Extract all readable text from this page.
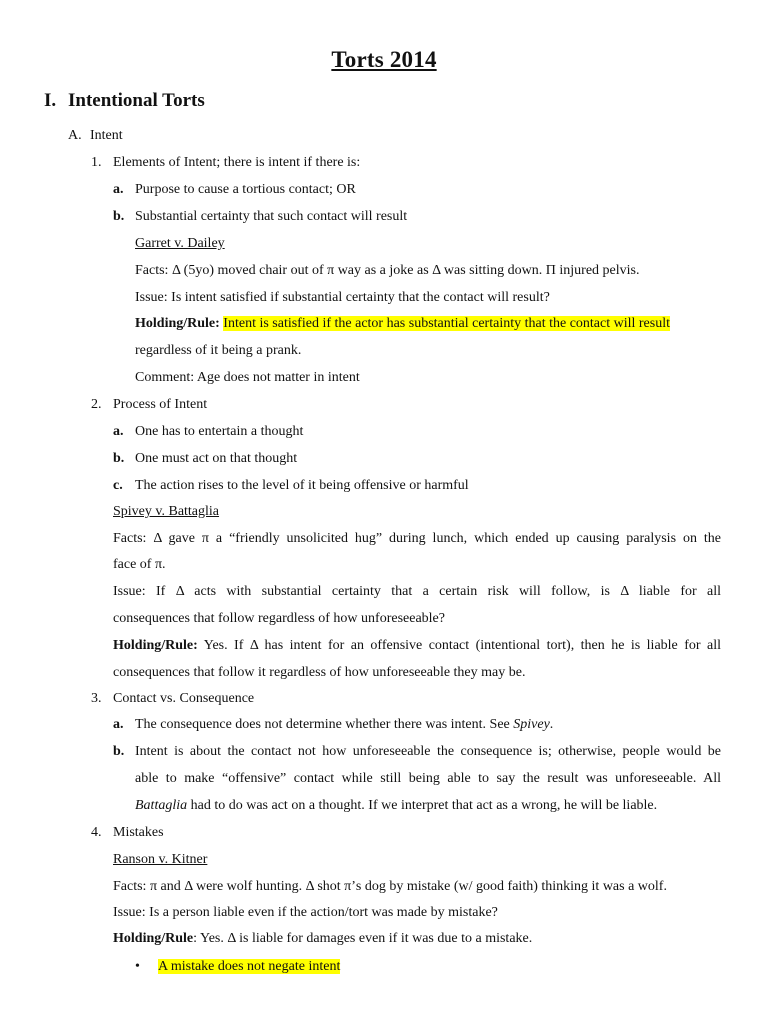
Torts 2014
I. Intentional Torts
A. Intent
1. Elements of Intent; there is intent if there is:
a. Purpose to cause a tortious contact; OR
b. Substantial certainty that such contact will result
Garret v. Dailey
Facts: Δ (5yo) moved chair out of π way as a joke as Δ was sitting down. Π injured pelvis.
Issue: Is intent satisfied if substantial certainty that the contact will result?
Holding/Rule: Intent is satisfied if the actor has substantial certainty that the contact will result
regardless of it being a prank.
Comment: Age does not matter in intent
2. Process of Intent
a. One has to entertain a thought
b. One must act on that thought
c. The action rises to the level of it being offensive or harmful
Spivey v. Battaglia
Facts: Δ gave π a “friendly unsolicited hug” during lunch, which ended up causing paralysis on the
face of π.
Issue: If Δ acts with substantial certainty that a certain risk will follow, is Δ liable for all
consequences that follow regardless of how unforeseeable?
Holding/Rule: Yes. If Δ has intent for an offensive contact (intentional tort), then he is liable for all
consequences that follow it regardless of how unforeseeable they may be.
3. Contact vs. Consequence
a. The consequence does not determine whether there was intent. See Spivey.
b. Intent is about the contact not how unforeseeable the consequence is; otherwise, people would be
able to make “offensive” contact while still being able to say the result was unforeseeable. All
Battaglia had to do was act on a thought. If we interpret that act as a wrong, he will be liable.
4. Mistakes
Ranson v. Kitner
Facts: π and Δ were wolf hunting. Δ shot π’s dog by mistake (w/ good faith) thinking it was a wolf.
Issue: Is a person liable even if the action/tort was made by mistake?
Holding/Rule: Yes. Δ is liable for damages even if it was due to a mistake.
• A mistake does not negate intent
